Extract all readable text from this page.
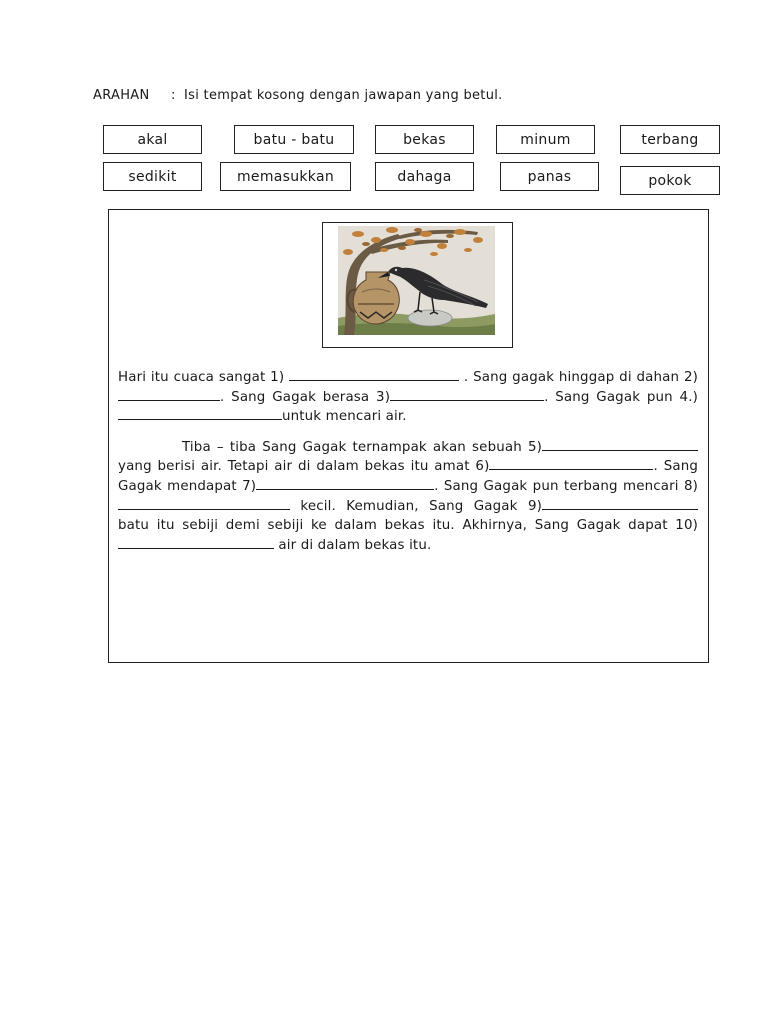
ARAHAN : Isi tempat kosong dengan jawapan yang betul.
akal	batu - batu	bekas	minum	terbang
sedikit	memasukkan	dahaga	panas	pokok

Hari itu cuaca sangat 1)	. Sang gagak hinggap di dahan 2). Sang Gagak berasa 3)	. Sang Gagak pun 4.)untuk mencari air.

Tiba – tiba Sang Gagak ternampak akan sebuah 5) yang berisi air. Tetapi air di dalam bekas itu amat 6)	. Sang Gagak mendapat 7)	. Sang Gagak pun terbang mencari 8) kecil. Kemudian, Sang Gagak 9) batu itu sebiji demi sebiji ke dalam bekas itu. Akhirnya, Sang Gagak dapat 10) air di dalam bekas itu.
